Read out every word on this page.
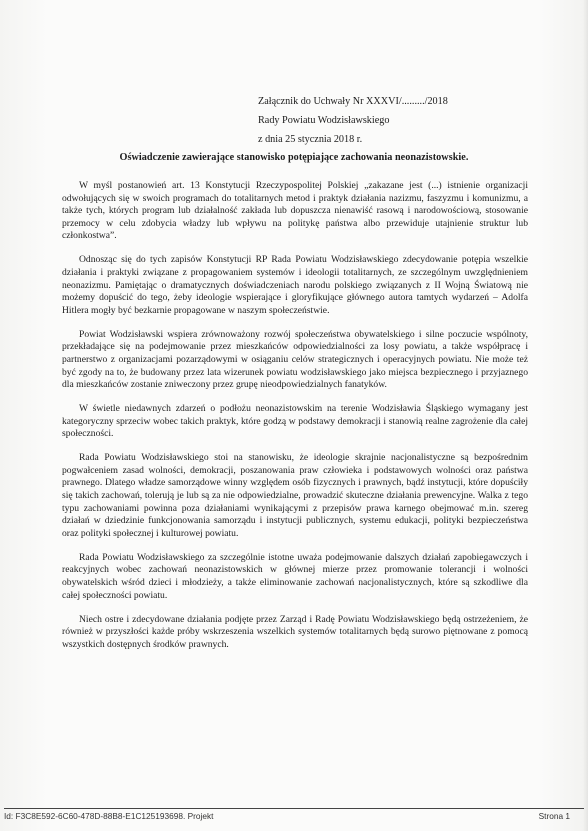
Załącznik do Uchwały Nr XXXVI/........./2018
Rady Powiatu Wodzisławskiego
z dnia 25 stycznia 2018 r.
Oświadczenie zawierające stanowisko potępiające zachowania neonazistowskie.

W myśl postanowień art. 13 Konstytucji Rzeczypospolitej Polskiej „zakazane jest (...) istnienie organizacji odwołujących się w swoich programach do totalitarnych metod i praktyk działania nazizmu, faszyzmu i komunizmu, a także tych, których program lub działalność zakłada lub dopuszcza nienawiść rasową i narodowościową, stosowanie przemocy w celu zdobycia władzy lub wpływu na politykę państwa albo przewiduje utajnienie struktur lub członkostwa”.

Odnosząc się do tych zapisów Konstytucji RP Rada Powiatu Wodzisławskiego zdecydowanie potępia wszelkie działania i praktyki związane z propagowaniem systemów i ideologii totalitarnych, ze szczególnym uwzględnieniem neonazizmu. Pamiętając o dramatycznych doświadczeniach narodu polskiego związanych z II Wojną Światową nie możemy dopuścić do tego, żeby ideologie wspierające i gloryfikujące głównego autora tamtych wydarzeń – Adolfa Hitlera mogły być bezkarnie propagowane w naszym społeczeństwie.

Powiat Wodzisławski wspiera zrównoważony rozwój społeczeństwa obywatelskiego i silne poczucie wspólnoty, przekładające się na podejmowanie przez mieszkańców odpowiedzialności za losy powiatu, a także współpracę i partnerstwo z organizacjami pozarządowymi w osiąganiu celów strategicznych i operacyjnych powiatu. Nie może też być zgody na to, że budowany przez lata wizerunek powiatu wodzisławskiego jako miejsca bezpiecznego i przyjaznego dla mieszkańców zostanie zniweczony przez grupę nieodpowiedzialnych fanatyków.

W świetle niedawnych zdarzeń o podłożu neonazistowskim na terenie Wodzisławia Śląskiego wymagany jest kategoryczny sprzeciw wobec takich praktyk, które godzą w podstawy demokracji i stanowią realne zagrożenie dla całej społeczności.

Rada Powiatu Wodzisławskiego stoi na stanowisku, że ideologie skrajnie nacjonalistyczne są bezpośrednim pogwałceniem zasad wolności, demokracji, poszanowania praw człowieka i podstawowych wolności oraz państwa prawnego. Dlatego władze samorządowe winny względem osób fizycznych i prawnych, bądź instytucji, które dopuściły się takich zachowań, tolerują je lub są za nie odpowiedzialne, prowadzić skuteczne działania prewencyjne. Walka z tego typu zachowaniami powinna poza działaniami wynikającymi z przepisów prawa karnego obejmować m.in. szereg działań w dziedzinie funkcjonowania samorządu i instytucji publicznych, systemu edukacji, polityki bezpieczeństwa oraz polityki społecznej i kulturowej powiatu.

Rada Powiatu Wodzisławskiego za szczególnie istotne uważa podejmowanie dalszych działań zapobiegawczych i reakcyjnych wobec zachowań neonazistowskich w głównej mierze przez promowanie tolerancji i wolności obywatelskich wśród dzieci i młodzieży, a także eliminowanie zachowań nacjonalistycznych, które są szkodliwe dla całej społeczności powiatu.

Niech ostre i zdecydowane działania podjęte przez Zarząd i Radę Powiatu Wodzisławskiego będą ostrzeżeniem, że również w przyszłości każde próby wskrzeszenia wszelkich systemów totalitarnych będą surowo piętnowane z pomocą wszystkich dostępnych środków prawnych.

Id: F3C8E592-6C60-478D-88B8-E1C125193698. Projekt	Strona 1
